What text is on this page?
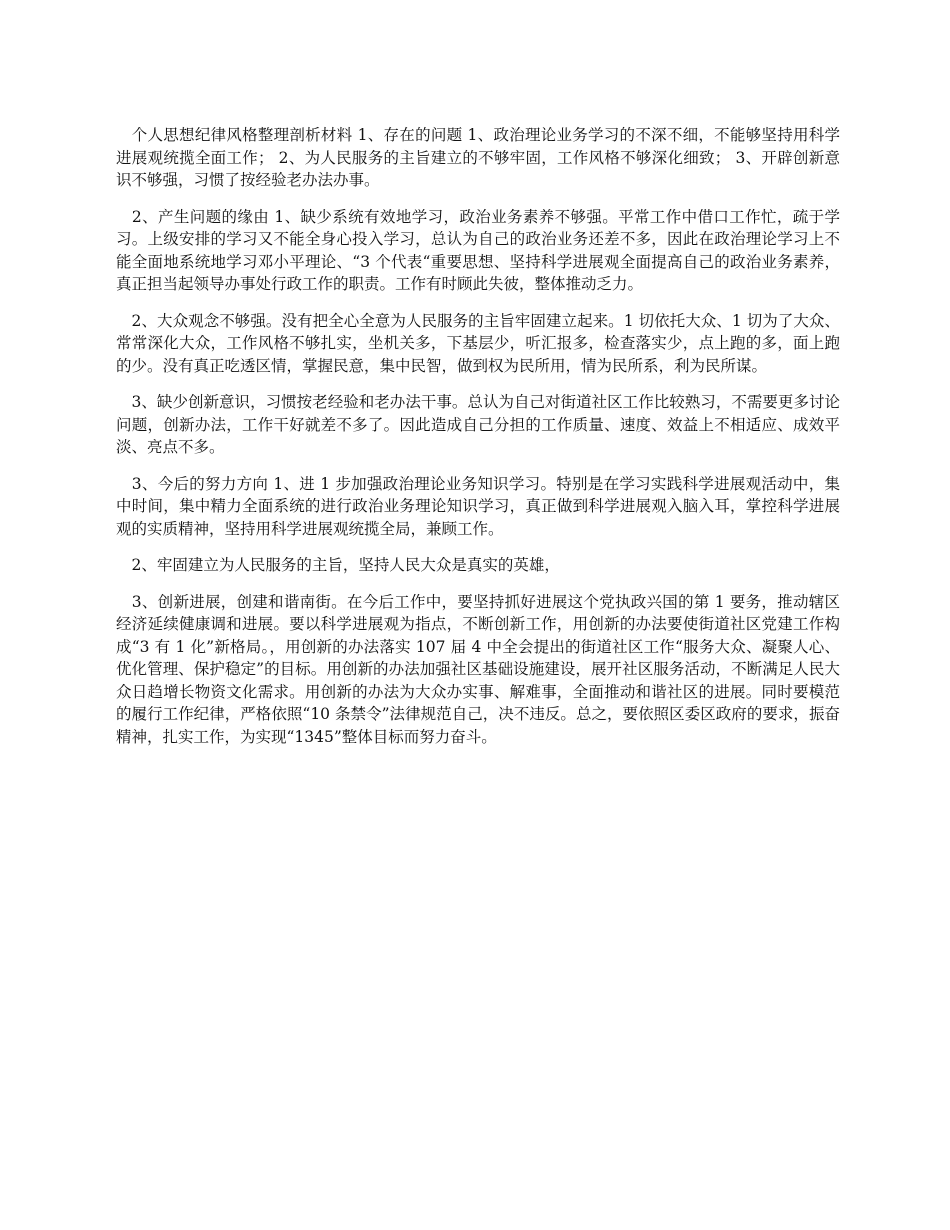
　个人思想纪律风格整理剖析材料 1、存在的问题 1、政治理论业务学习的不深不细，不能够坚持用科学进展观统揽全面工作； 2、为人民服务的主旨建立的不够牢固，工作风格不够深化细致； 3、开辟创新意识不够强，习惯了按经验老办法办事。

　2、产生问题的缘由 1、缺少系统有效地学习，政治业务素养不够强。平常工作中借口工作忙，疏于学习。上级安排的学习又不能全身心投入学习，总认为自己的政治业务还差不多，因此在政治理论学习上不能全面地系统地学习邓小平理论、“3 个代表“重要思想、坚持科学进展观全面提高自己的政治业务素养，真正担当起领导办事处行政工作的职责。工作有时顾此失彼，整体推动乏力。

　2、大众观念不够强。没有把全心全意为人民服务的主旨牢固建立起来。1 切依托大众、1 切为了大众、常常深化大众，工作风格不够扎实，坐机关多，下基层少，听汇报多，检查落实少，点上跑的多，面上跑的少。没有真正吃透区情，掌握民意，集中民智，做到权为民所用，情为民所系，利为民所谋。

　3、缺少创新意识，习惯按老经验和老办法干事。总认为自己对街道社区工作比较熟习，不需要更多讨论问题，创新办法，工作干好就差不多了。因此造成自己分担的工作质量、速度、效益上不相适应、成效平淡、亮点不多。

　3、今后的努力方向 1、进 1 步加强政治理论业务知识学习。特别是在学习实践科学进展观活动中，集中时间，集中精力全面系统的进行政治业务理论知识学习，真正做到科学进展观入脑入耳，掌控科学进展观的实质精神，坚持用科学进展观统揽全局，兼顾工作。

　2、牢固建立为人民服务的主旨，坚持人民大众是真实的英雄，

　3、创新进展，创建和谐南街。在今后工作中，要坚持抓好进展这个党执政兴国的第 1 要务，推动辖区经济延续健康调和进展。要以科学进展观为指点，不断创新工作，用创新的办法要使街道社区党建工作构成“3 有 1 化”新格局。，用创新的办法落实 107 届 4 中全会提出的街道社区工作“服务大众、凝聚人心、优化管理、保护稳定”的目标。用创新的办法加强社区基础设施建设，展开社区服务活动，不断满足人民大众日趋增长物资文化需求。用创新的办法为大众办实事、解难事，全面推动和谐社区的进展。同时要模范的履行工作纪律，严格依照“10 条禁令”法律规范自己，决不违反。总之，要依照区委区政府的要求，振奋精神，扎实工作，为实现“1345”整体目标而努力奋斗。
